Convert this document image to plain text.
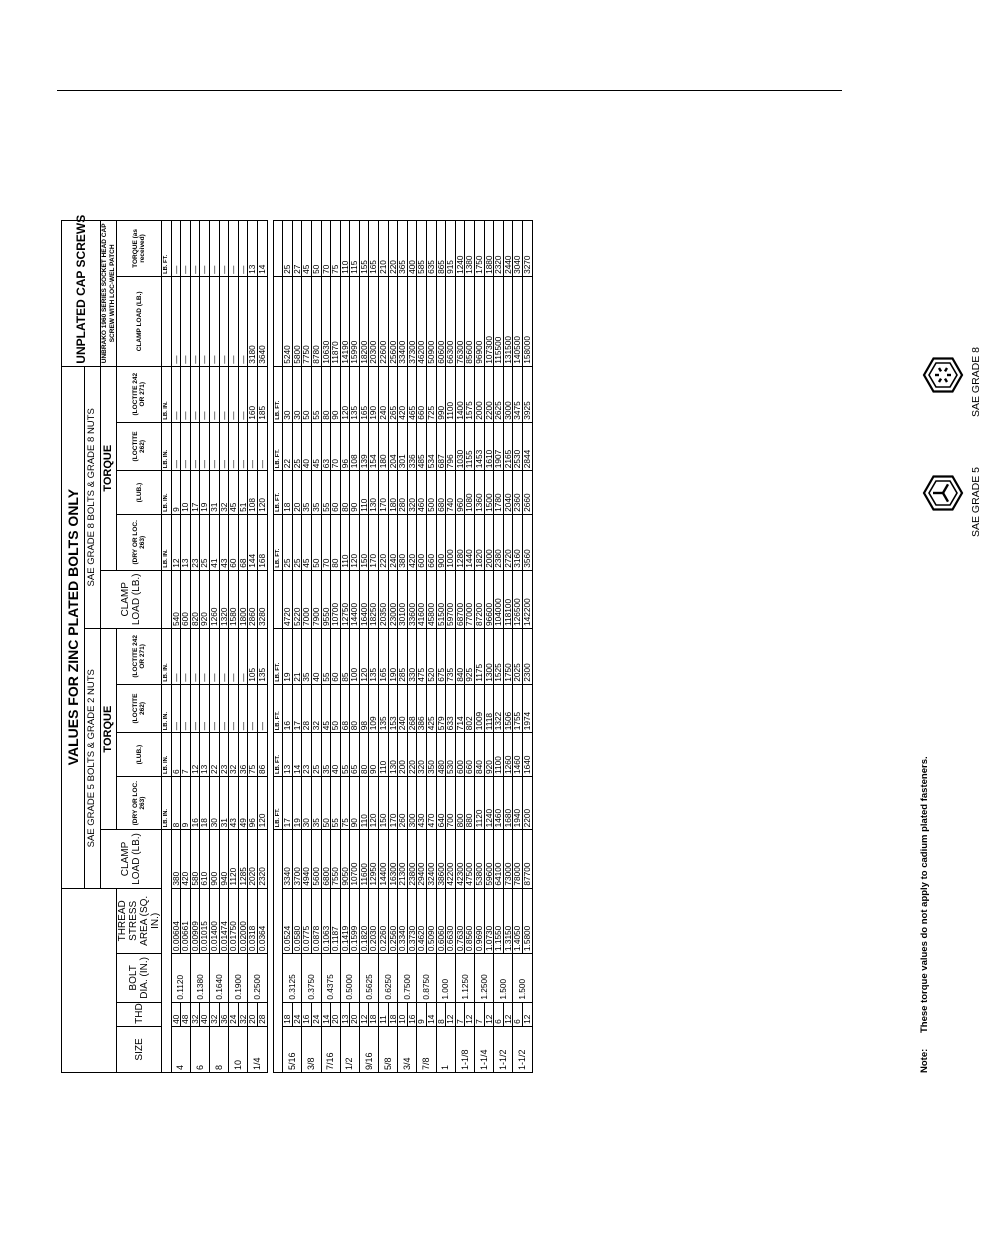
				VALUES FOR ZINC PLATED BOLTS ONLY										UNPLATED CAP SCREWS	
				SAE GRADE 5 BOLTS & GRADE 2 NUTS					SAE GRADE 8 BOLTS & GRADE 8 NUTS						
				CLAMP LOAD (LB.)	TORQUE				CLAMP LOAD (LB.)	TORQUE				UNBRAKO 1960 SERIES SOCKET HEAD CAP SCREW WITH LOC-WEL PATCH	
SIZE	THD	BOLT DIA. (IN.)	THREAD STRESS AREA (SQ. IN.)		(DRY OR LOC. 263)	(LUB.)	(LOCTITE 262)	(LOCTITE 242 OR 271)		(DRY OR LOC. 263)	(LUB.)	(LOCTITE 262)	(LOCTITE 242 OR 271)	CLAMP LOAD (LB.)	TORQUE (as received)
					LB. IN.	LB. IN.	LB. IN.	LB. IN.		LB. IN.	LB. IN.	LB. IN.	LB. IN.		LB. FT.
4	40	0.1120	0.00604	380	8	6	—	—	540	12	9	—	—	—	—
	48		0.00661	420	9	7	—	—	600	13	10	—	—	—	—
6	32	0.1380	0.00909	580	16	12	—	—	820	23	17	—	—	—	—
	40		0.01015	610	18	13	—	—	920	25	19	—	—	—	—
8	32	0.1640	0.01400	900	30	22	—	—	1260	41	31	—	—	—	—
	36		0.01474	940	31	23	—	—	1320	43	32	—	—	—	—
10	24	0.1900	0.01750	1120	43	32	—	—	1580	60	45	—	—	—	—
	32		0.02000	1285	49	36	—	—	1800	68	51	—	—	—	—
1/4	20	0.2500	0.0318	2020	96	75	—	105	2860	144	108	—	160	3180	13
	28		0.0364	2320	120	86	—	135	3280	168	120	—	185	3640	14

					LB. FT.	LB. FT.	LB. FT.	LB. FT.		LB. FT.	LB. FT.	LB. FT.	LB. FT.		
5/16	18	0.3125	0.0524	3340	17	13	16	19	4720	25	18	22	30	5240	25
	24		0.0580	3700	19	14	17	21	5220	25	20	25	30	5800	27
3/8	16	0.3750	0.0775	4940	30	23	28	35	7000	45	35	40	50	7750	45
	24		0.0878	5600	35	25	32	40	7900	50	35	45	55	8780	50
7/16	14	0.4375	0.1063	6800	50	35	45	55	9550	70	55	63	80	10630	70
	20		0.1187	7550	55	40	50	60	10700	80	60	70	90	11870	75
1/2	13	0.5000	0.1419	9050	75	55	68	85	12750	110	80	96	120	14190	110
	20		0.1599	10700	90	65	80	100	14400	120	90	108	135	15990	115
9/16	12	0.5625	0.1820	11600	110	80	98	120	16400	150	110	139	165	18200	155
	18		0.2030	12950	120	90	109	135	18250	170	130	154	190	20300	165
5/8	11	0.6250	0.2260	14400	150	110	135	165	20350	220	170	180	240	22600	210
	18		0.2560	16300	170	130	153	190	23000	240	180	204	265	25600	220
3/4	10	0.7500	0.3340	21300	260	200	240	285	30100	380	280	301	420	33400	365
	16		0.3730	23800	300	220	268	330	33600	420	320	336	465	37300	400
7/8	9	0.8750	0.4620	29400	430	320	386	475	41600	600	460	485	660	46200	585
	14		0.5090	32400	470	350	425	520	45800	660	500	534	725	50900	635
1	8	1.000	0.6060	38600	640	480	579	675	51500	900	680	687	990	60600	865
	12		0.6630	42200	700	530	633	735	59700	1000	740	796	1100	66300	915
1-1/8	7	1.1250	0.7630	42300	800	600	714	840	68700	1280	960	1030	1400	76300	1240
	12		0.8560	47500	880	660	802	925	77000	1440	1080	1155	1575	85600	1380
1-1/4	7	1.2500	0.9690	53800	1120	840	1009	1175	87200	1820	1360	1453	2000	96900	1750
	12		1.0730	59600	1240	920	1118	1300	96600	2000	1500	1610	2200	107300	1880
1-1/2	6	1.500	1.1550	64100	1460	1100	1322	1525	104000	2380	1780	1907	2625	115500	2320
	12		1.3150	73000	1680	1260	1506	1750	118100	2720	2040	2165	3000	131500	2440
1-1/2	6	1.500	1.4050	78000	1940	1460	1755	2025	126500	3160	2360	2530	3475	140500	3040
	12		1.5800	87700	2200	1640	1974	2300	142200	3560	2660	2844	3925	158000	3270
Note:These torque values do not apply to cadium plated fasteners.
SAE GRADE 5
SAE GRADE 8
